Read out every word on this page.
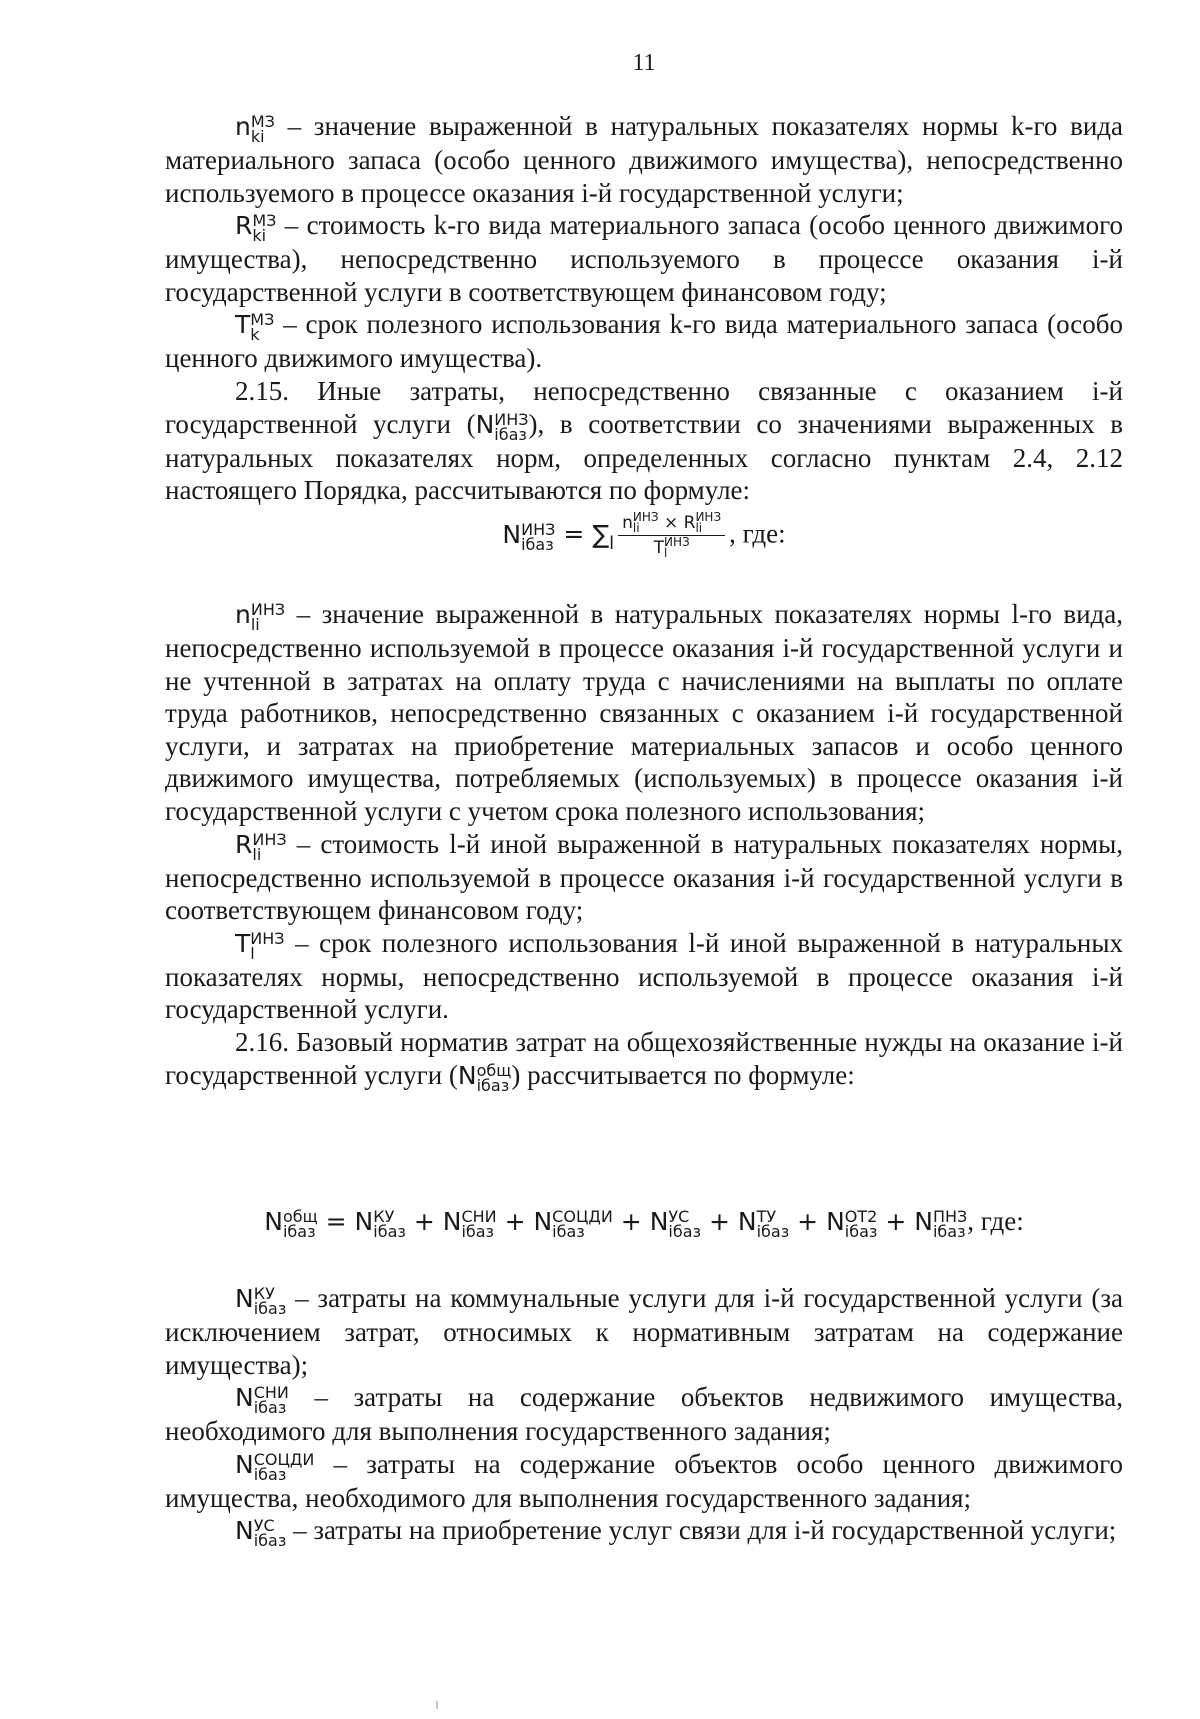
11

n МЗ
ki – значение выраженной в натуральных показателях нормы k-го вида материального запаса (особо ценного движимого имущества), непосредственно используемого в процессе оказания i-й государственной услуги;

R МЗ
ki – стоимость k-го вида материального запаса (особо ценного движимого имущества), непосредственно используемого в процессе оказания i-й государственной услуги в соответствующем финансовом году;

T МЗ
k – срок полезного использования k-го вида материального запаса (особо ценного движимого имущества).

2.15. Иные затраты, непосредственно связанные с оказанием i-й государственной услуги (N ИНЗ
iбаз ), в соответствии со значениями выраженных в натуральных показателях норм, определенных согласно пунктам 2.4, 2.12 настоящего Порядка, рассчитываются по формуле:

N ИНЗ
iбаз = $\sum_l$ n ИНЗ
li	× R ИНЗ
li
T ИНЗ
l , где:

n ИНЗ
li – значение выраженной в натуральных показателях нормы l-го вида, непосредственно используемой в процессе оказания i-й государственной услуги и не учтенной в затратах на оплату труда с начислениями на выплаты по оплате труда работников, непосредственно связанных с оказанием i-й государственной услуги, и затратах на приобретение материальных запасов и особо ценного движимого имущества, потребляемых (используемых) в процессе оказания i-й государственной услуги с учетом срока полезного использования;

R ИНЗ
li – стоимость l-й иной выраженной в натуральных показателях нормы, непосредственно используемой в процессе оказания i-й государственной услуги в соответствующем финансовом году;

T ИНЗ
l	– срок полезного использования l-й иной выраженной в натуральных показателях нормы, непосредственно используемой в процессе оказания i-й государственной услуги.

2.16. Базовый норматив затрат на общехозяйственные нужды на оказание i-й государственной услуги (N общ
iбаз ) рассчитывается по формуле:

N общ
iбаз = N КУ
iбаз + N СНИ
iбаз + N СОЦДИ
iбаз	+ N УС
iбаз + N ТУ
iбаз + N ОТ2
iбаз + N ПНЗ
iбаз , где:

N КУ
iбаз – затраты на коммунальные услуги для i-й государственной услуги (за исключением затрат, относимых к нормативным затратам на содержание имущества);

N СНИ
iбаз – затраты на содержание объектов недвижимого имущества, необходимого для выполнения государственного задания;

N СОЦДИ
iбаз	– затраты на содержание объектов особо ценного движимого имущества, необходимого для выполнения государственного задания;

N УС
iбаз – затраты на приобретение услуг связи для i-й государственной услуги;
